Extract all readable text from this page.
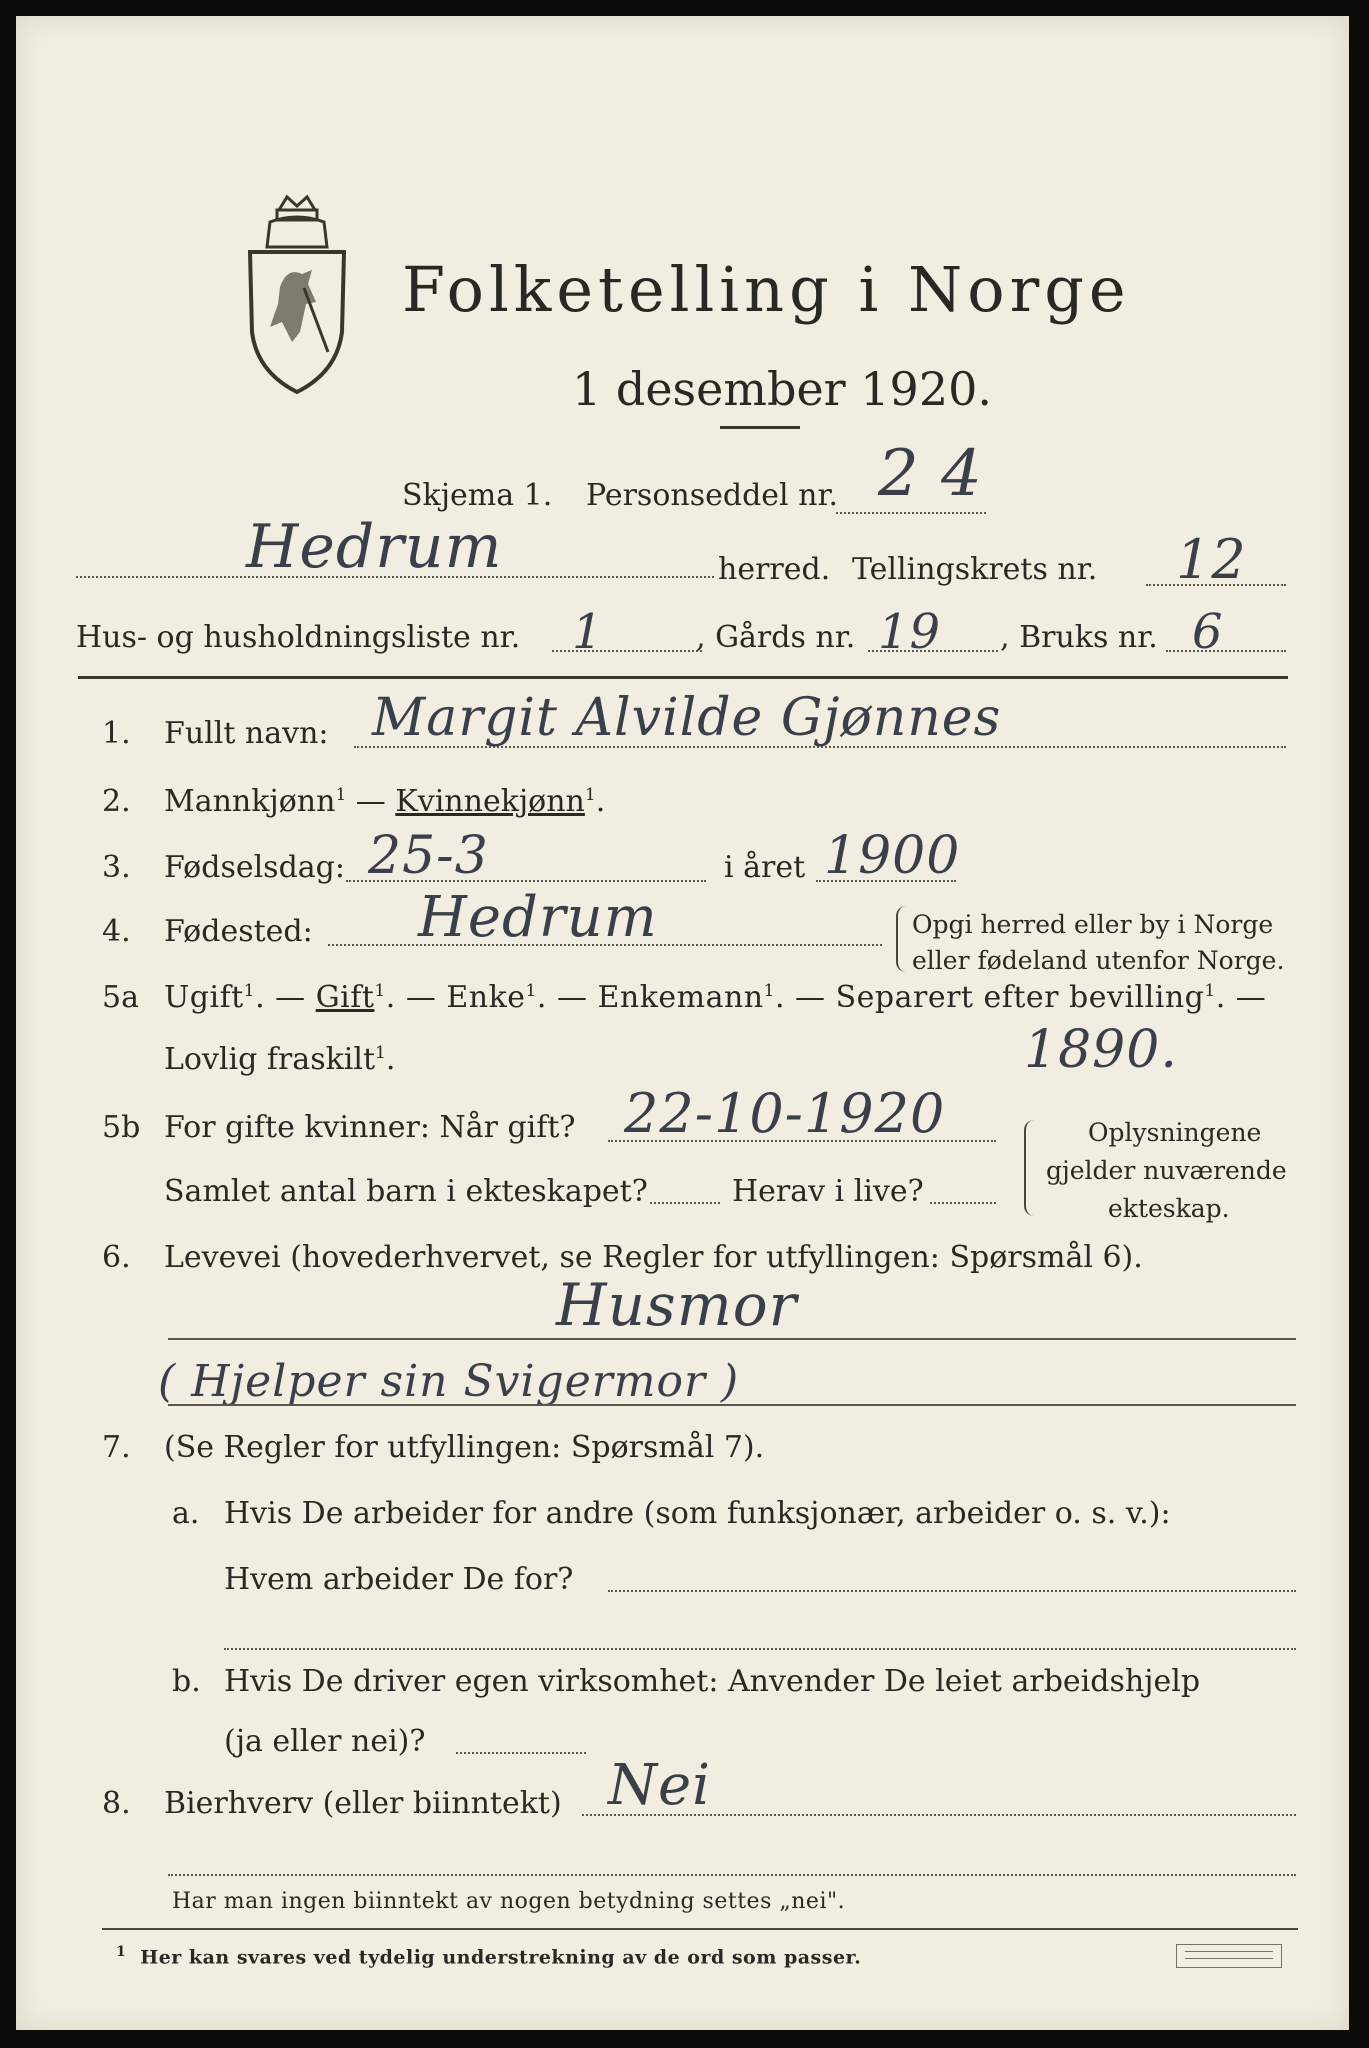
Folketelling i Norge
1 desember 1920.
Skjema 1. Personseddel nr. 2 4
Hedrum	herred. Tellingskrets nr. 12
Hus- og husholdningsliste nr. 1	, Gårds nr. 19 , Bruks nr. 6
1. Fullt navn: Margit Alvilde Gjønnes
2. Mannkjønn$^1$ — Kvinnekjønn$^1$.
3. Fødselsdag: 25-3	i året 1900
4. Fødested: Hedrum	Opgi herred eller by i Norge
eller fødeland utenfor Norge.
5a Ugift$^1$. — Gift$^1$. — Enke$^1$. — Enkemann$^1$. — Separert efter bevilling$^1$. —
Lovlig fraskilt$^1$.	1890.
5b For gifte kvinner: Når gift? 22-10-1920
Samlet antal barn i ekteskapet?	Herav i live?
Oplysningene
gjelder nuværende
ekteskap.
6. Levevei (hovederhvervet, se Regler for utfyllingen: Spørsmål 6).
Husmor
( Hjelper sin Svigermor )
7. (Se Regler for utfyllingen: Spørsmål 7).
a. Hvis De arbeider for andre (som funksjonær, arbeider o. s. v.):
Hvem arbeider De for?
b. Hvis De driver egen virksomhet: Anvender De leiet arbeidshjelp
(ja eller nei)?
8. Bierhverv (eller biinntekt) Nei
Har man ingen biinntekt av nogen betydning settes „nei".
$^1$ Her kan svares ved tydelig understrekning av de ord som passer.
